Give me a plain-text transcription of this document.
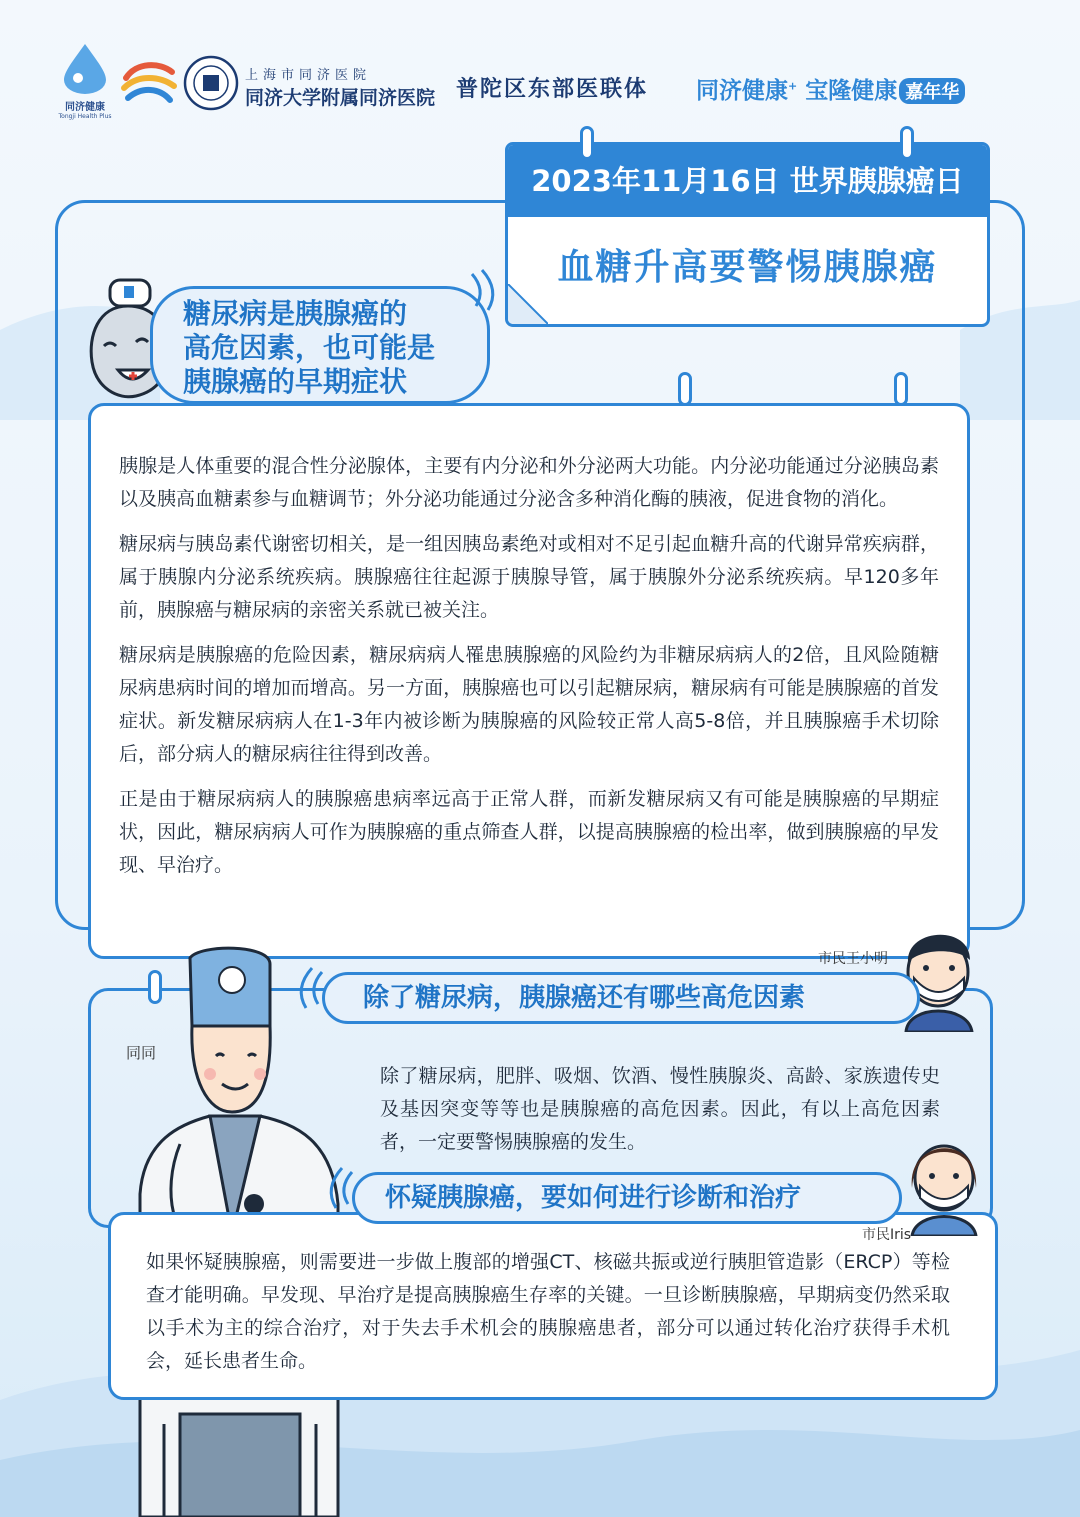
同济健康
Tongji Health Plus
上海市同济医院
同济大学附属同济医院 普陀区东部医联体 同济健康+ 宝隆健康 嘉年华
2023年11月16日 世界胰腺癌日
血糖升高要警惕胰腺癌
糖尿病是胰腺癌的
高危因素，也可能是
胰腺癌的早期症状

胰腺是人体重要的混合性分泌腺体，主要有内分泌和外分泌两大功能。内分泌功能通过分泌胰岛素以及胰高血糖素参与血糖调节；外分泌功能通过分泌含多种消化酶的胰液，促进食物的消化。

糖尿病与胰岛素代谢密切相关，是一组因胰岛素绝对或相对不足引起血糖升高的代谢异常疾病群，属于胰腺内分泌系统疾病。胰腺癌往往起源于胰腺导管，属于胰腺外分泌系统疾病。早120多年前，胰腺癌与糖尿病的亲密关系就已被关注。

糖尿病是胰腺癌的危险因素，糖尿病病人罹患胰腺癌的风险约为非糖尿病病人的2倍，且风险随糖尿病患病时间的增加而增高。另一方面，胰腺癌也可以引起糖尿病，糖尿病有可能是胰腺癌的首发症状。新发糖尿病病人在1-3年内被诊断为胰腺癌的风险较正常人高5-8倍，并且胰腺癌手术切除后，部分病人的糖尿病往往得到改善。

正是由于糖尿病病人的胰腺癌患病率远高于正常人群，而新发糖尿病又有可能是胰腺癌的早期症状，因此，糖尿病病人可作为胰腺癌的重点筛查人群，以提高胰腺癌的检出率，做到胰腺癌的早发现、早治疗。

同同
市民王小明
除了糖尿病，胰腺癌还有哪些高危因素
除了糖尿病，肥胖、吸烟、饮酒、慢性胰腺炎、高龄、家族遗传史及基因突变等等也是胰腺癌的高危因素。因此，有以上高危因素者，一定要警惕胰腺癌的发生。
市民Iris
怀疑胰腺癌，要如何进行诊断和治疗
如果怀疑胰腺癌，则需要进一步做上腹部的增强CT、核磁共振或逆行胰胆管造影（ERCP）等检查才能明确。早发现、早治疗是提高胰腺癌生存率的关键。一旦诊断胰腺癌，早期病变仍然采取以手术为主的综合治疗，对于失去手术机会的胰腺癌患者，部分可以通过转化治疗获得手术机会，延长患者生命。
